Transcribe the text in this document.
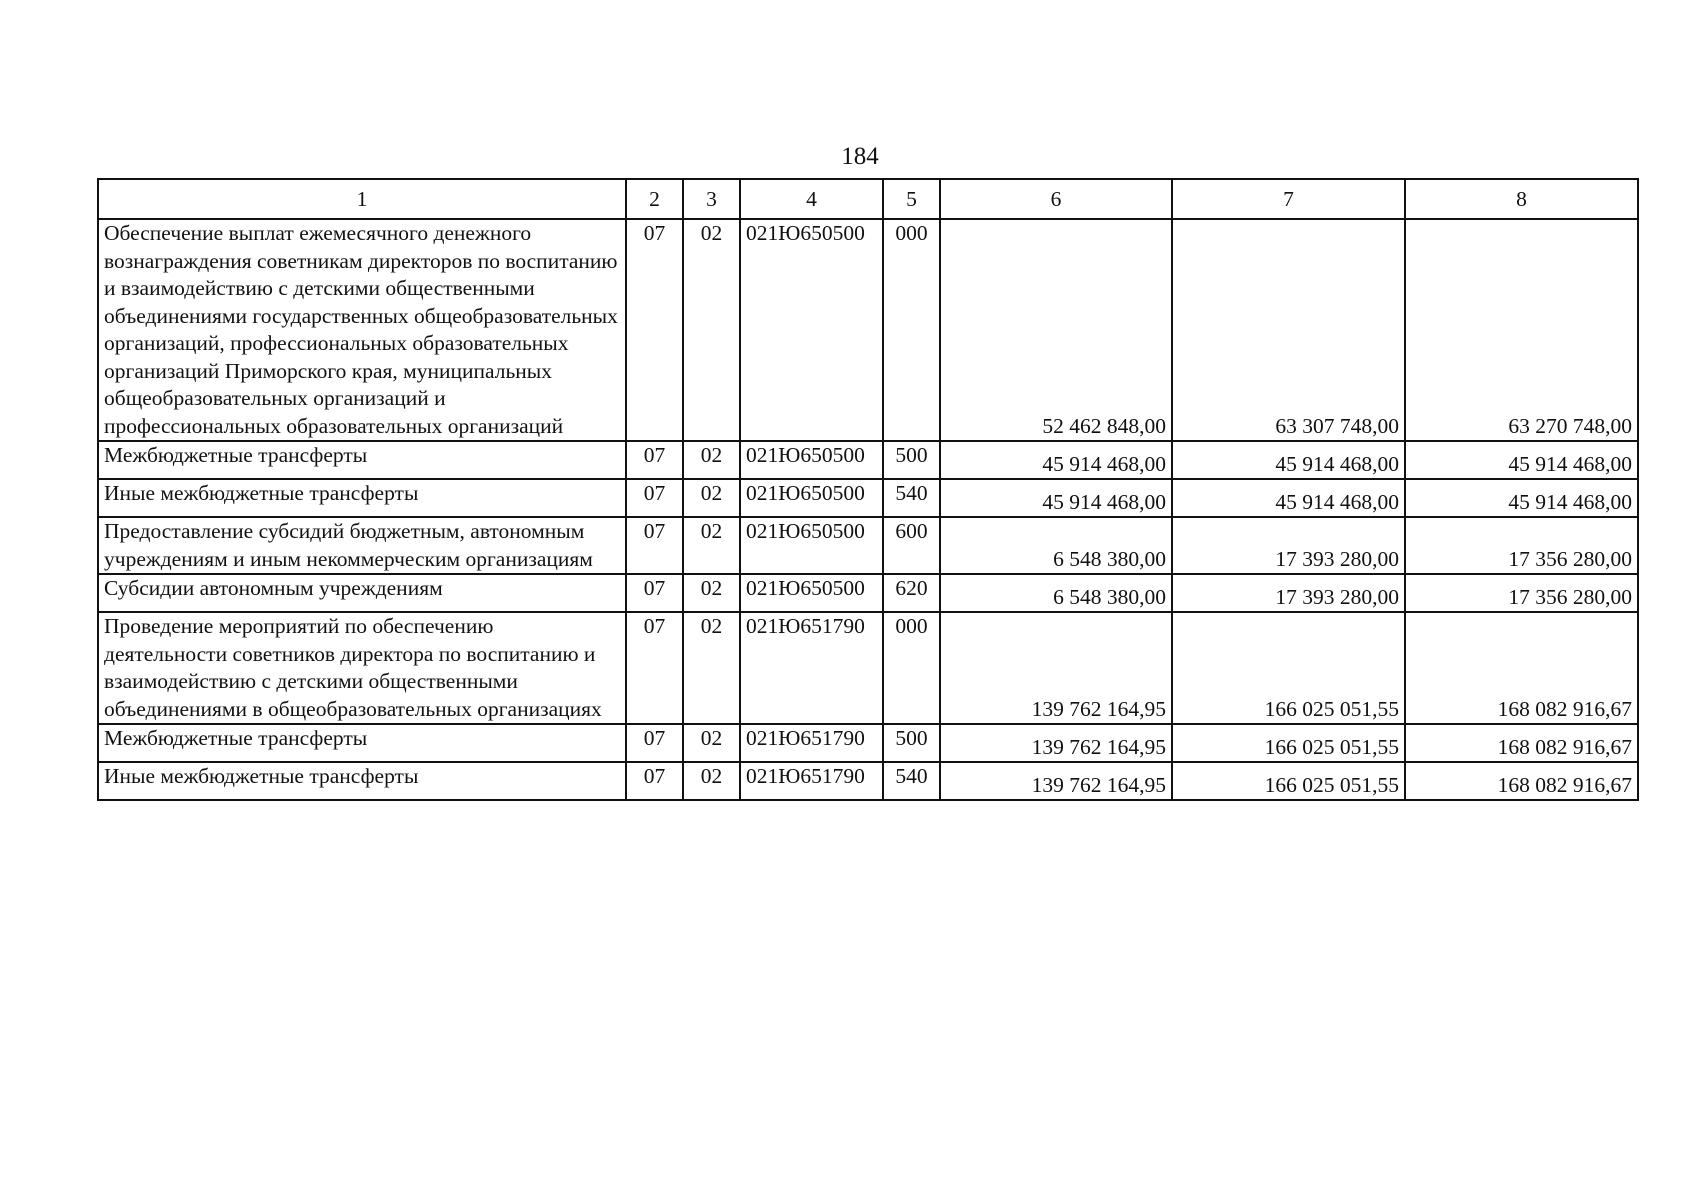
184
1	2	3	4	5	6	7	8
Обеспечение выплат ежемесячного денежного вознаграждения советникам директоров по воспитанию и взаимодействию с детскими общественными объединениями государственных общеобразовательных организаций, профессиональных образовательных организаций Приморского края, муниципальных общеобразовательных организаций и профессиональных образовательных организаций	07	02	021Ю650500	000	52 462 848,00	63 307 748,00	63 270 748,00
Межбюджетные трансферты	07	02	021Ю650500	500	45 914 468,00	45 914 468,00	45 914 468,00
Иные межбюджетные трансферты	07	02	021Ю650500	540	45 914 468,00	45 914 468,00	45 914 468,00
Предоставление субсидий бюджетным, автономным учреждениям и иным некоммерческим организациям	07	02	021Ю650500	600	6 548 380,00	17 393 280,00	17 356 280,00
Субсидии автономным учреждениям	07	02	021Ю650500	620	6 548 380,00	17 393 280,00	17 356 280,00
Проведение мероприятий по обеспечению деятельности советников директора по воспитанию и взаимодействию с детскими общественными объединениями в общеобразовательных организациях	07	02	021Ю651790	000	139 762 164,95	166 025 051,55	168 082 916,67
Межбюджетные трансферты	07	02	021Ю651790	500	139 762 164,95	166 025 051,55	168 082 916,67
Иные межбюджетные трансферты	07	02	021Ю651790	540	139 762 164,95	166 025 051,55	168 082 916,67
